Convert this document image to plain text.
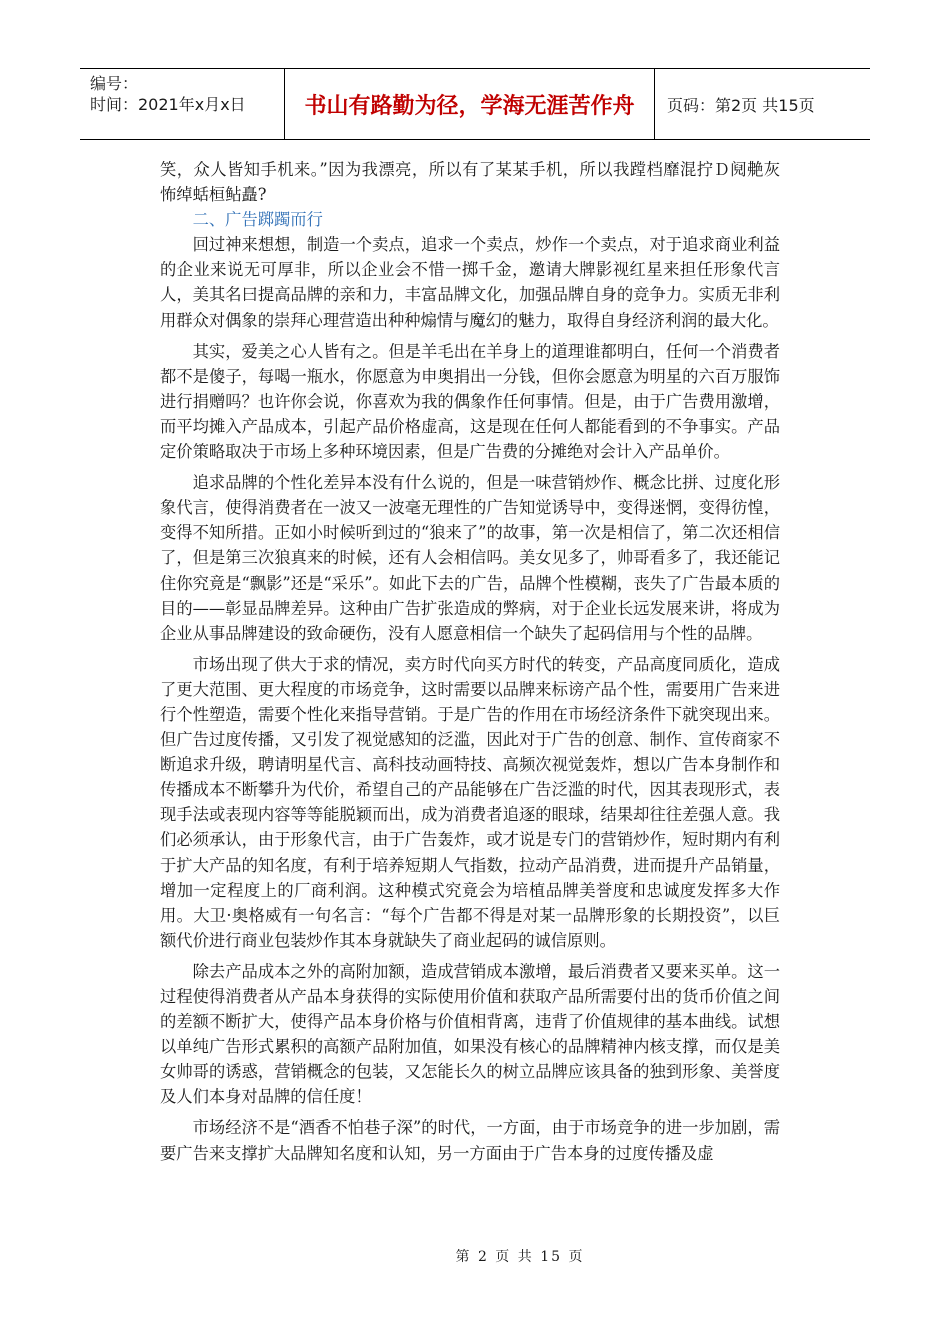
编号：
时间：2021年x月x日	书山有路勤为径，学海无涯苦作舟	页码：第2页 共15页

笑，众人皆知手机来。”因为我漂亮，所以有了某某手机，所以我蹚档靡混拧Ｄ阋艴灰 怖绰蛞桓鲇矗?

二、广告踯躅而行

回过神来想想，制造一个卖点，追求一个卖点，炒作一个卖点，对于追求商业利益的企业来说无可厚非，所以企业会不惜一掷千金，邀请大牌影视红星来担任形象代言人，美其名曰提高品牌的亲和力，丰富品牌文化，加强品牌自身的竞争力。实质无非利用群众对偶象的崇拜心理营造出种种煽情与魔幻的魅力，取得自身经济利润的最大化。

其实，爱美之心人皆有之。但是羊毛出在羊身上的道理谁都明白，任何一个消费者都不是傻子，每喝一瓶水，你愿意为申奥捐出一分钱，但你会愿意为明星的六百万服饰进行捐赠吗？也许你会说，你喜欢为我的偶象作任何事情。但是，由于广告费用激增，而平均摊入产品成本，引起产品价格虚高，这是现在任何人都能看到的不争事实。产品定价策略取决于市场上多种环境因素，但是广告费的分摊绝对会计入产品单价。

追求品牌的个性化差异本没有什么说的，但是一味营销炒作、概念比拼、过度化形象代言，使得消费者在一波又一波毫无理性的广告知觉诱导中，变得迷惘，变得彷惶，变得不知所措。正如小时候听到过的“狼来了”的故事，第一次是相信了，第二次还相信了，但是第三次狼真来的时候，还有人会相信吗。美女见多了，帅哥看多了，我还能记住你究竟是“飘影”还是“采乐”。如此下去的广告，品牌个性模糊，丧失了广告最本质的目的——彰显品牌差异。这种由广告扩张造成的弊病，对于企业长远发展来讲，将成为企业从事品牌建设的致命硬伤，没有人愿意相信一个缺失了起码信用与个性的品牌。

市场出现了供大于求的情况，卖方时代向买方时代的转变，产品高度同质化，造成了更大范围、更大程度的市场竞争，这时需要以品牌来标谤产品个性，需要用广告来进行个性塑造，需要个性化来指导营销。于是广告的作用在市场经济条件下就突现出来。但广告过度传播，又引发了视觉感知的泛滥，因此对于广告的创意、制作、宣传商家不断追求升级，聘请明星代言、高科技动画特技、高频次视觉轰炸，想以广告本身制作和传播成本不断攀升为代价，希望自己的产品能够在广告泛滥的时代，因其表现形式，表现手法或表现内容等等能脱颖而出，成为消费者追逐的眼球，结果却往往差强人意。我们必须承认，由于形象代言，由于广告轰炸，或才说是专门的营销炒作，短时期内有利于扩大产品的知名度，有利于培养短期人气指数，拉动产品消费，进而提升产品销量，增加一定程度上的厂商利润。这种模式究竟会为培植品牌美誉度和忠诚度发挥多大作用。大卫·奥格威有一句名言：“每个广告都不得是对某一品牌形象的长期投资”，以巨额代价进行商业包装炒作其本身就缺失了商业起码的诚信原则。

除去产品成本之外的高附加额，造成营销成本激增，最后消费者又要来买单。这一过程使得消费者从产品本身获得的实际使用价值和获取产品所需要付出的货币价值之间的差额不断扩大，使得产品本身价格与价值相背离，违背了价值规律的基本曲线。试想以单纯广告形式累积的高额产品附加值，如果没有核心的品牌精神内核支撑，而仅是美女帅哥的诱惑，营销概念的包装，又怎能长久的树立品牌应该具备的独到形象、美誉度及人们本身对品牌的信任度！

市场经济不是“酒香不怕巷子深”的时代，一方面，由于市场竞争的进一步加剧，需要广告来支撑扩大品牌知名度和认知，另一方面由于广告本身的过度传播及虚

第 2 页 共 15 页
